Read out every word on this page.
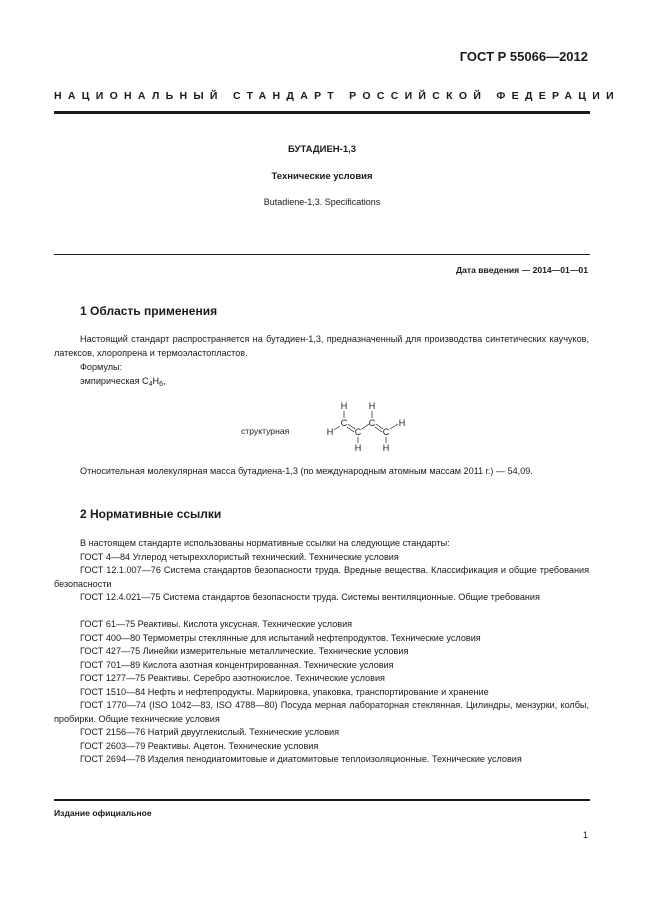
ГОСТ Р 55066—2012
НАЦИОНАЛЬНЫЙ СТАНДАРТ РОССИЙСКОЙ ФЕДЕРАЦИИ
БУТАДИЕН-1,3
Технические условия
Butadiene-1,3. Specifications
Дата введения — 2014—01—01
1 Область применения
Настоящий стандарт распространяется на бутадиен-1,3, предназначенный для производства синтетических каучуков, латексов, хлоропрена и термоэластопластов.
Формулы:
эмпирическая $C_4H_6$,
структурная
H H
H
C C
H C C
H H
Относительная молекулярная масса бутадиена-1,3 (по международным атомным массам 2011 г.) — 54,09.
2 Нормативные ссылки
В настоящем стандарте использованы нормативные ссылки на следующие стандарты:
ГОСТ 4—84 Углерод четыреххлористый технический. Технические условия
ГОСТ 12.1.007—76 Система стандартов безопасности труда. Вредные вещества. Классификация и общие требования безопасности
ГОСТ 12.4.021—75 Система стандартов безопасности труда. Системы вентиляционные. Общие требования
ГОСТ 61—75 Реактивы. Кислота уксусная. Технические условия
ГОСТ 400—80 Термометры стеклянные для испытаний нефтепродуктов. Технические условия
ГОСТ 427—75 Линейки измерительные металлические. Технические условия
ГОСТ 701—89 Кислота азотная концентрированная. Технические условия
ГОСТ 1277—75 Реактивы. Серебро азотнокислое. Технические условия
ГОСТ 1510—84 Нефть и нефтепродукты. Маркировка, упаковка, транспортирование и хранение
ГОСТ 1770—74 (ISO 1042—83, ISO 4788—80) Посуда мерная лабораторная стеклянная. Цилиндры, мензурки, колбы, пробирки. Общие технические условия
ГОСТ 2156—76 Натрий двууглекислый. Технические условия
ГОСТ 2603—79 Реактивы. Ацетон. Технические условия
ГОСТ 2694—78 Изделия пенодиатомитовые и диатомитовые теплоизоляционные. Технические условия
Издание официальное
1
